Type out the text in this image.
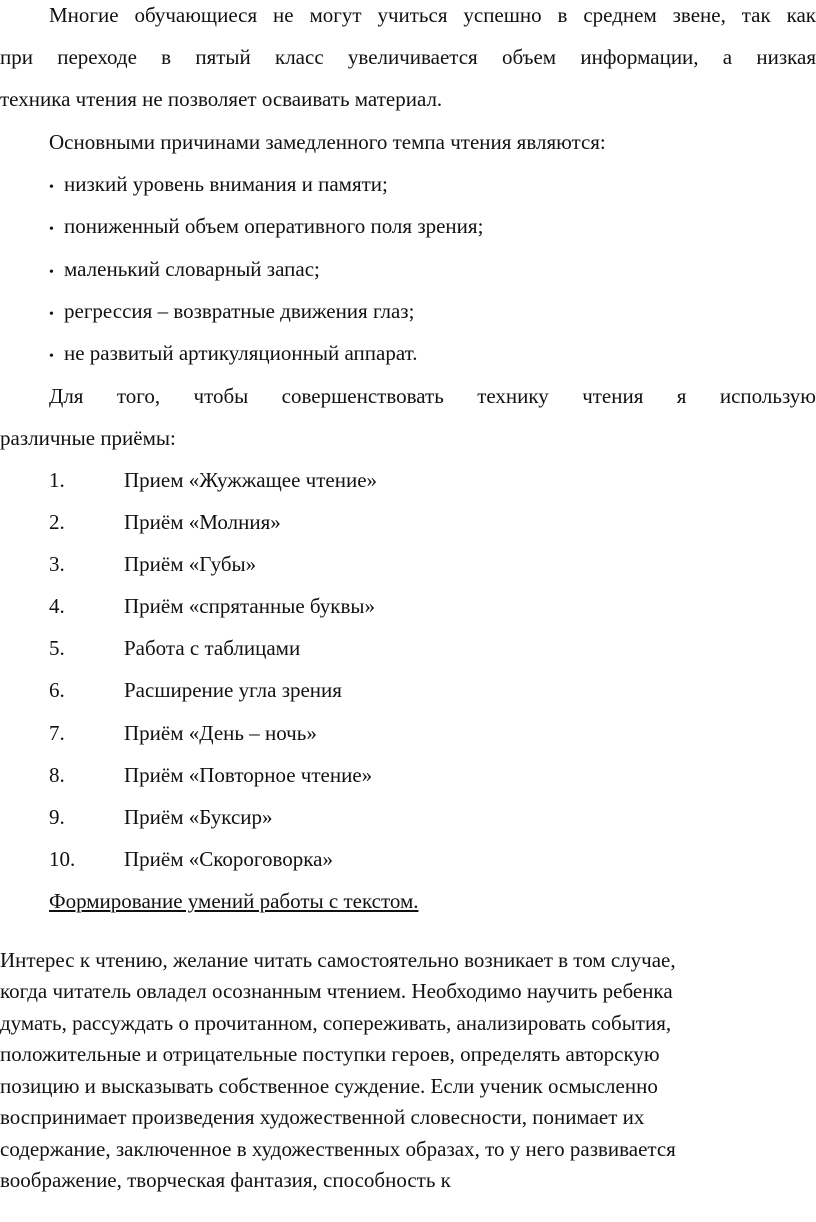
Многие обучающиеся не могут учиться успешно в среднем звене, так как
при переходе в пятый класс увеличивается объем информации, а низкая
техника чтения не позволяет осваивать материал.
Основными причинами замедленного темпа чтения являются:
• низкий уровень внимания и памяти;
• пониженный объем оперативного поля зрения;
• маленький словарный запас;
• регрессия – возвратные движения глаз;
• не развитый артикуляционный аппарат.
Для того, чтобы совершенствовать технику чтения я использую
различные приёмы:
1.	Прием «Жужжащее чтение»
2.	Приём «Молния»
3.	Приём «Губы»
4.	Приём «спрятанные буквы»
5.	Работа с таблицами
6.	Расширение угла зрения
7.	Приём «День – ночь»
8.	Приём «Повторное чтение»
9.	Приём «Буксир»
10. Приём «Скороговорка»
Формирование умений работы с текстом.
Интерес к чтению, желание читать самостоятельно возникает в том случае,
когда читатель овладел осознанным чтением. Необходимо научить ребенка
думать, рассуждать о прочитанном, сопереживать, анализировать события,
положительные и отрицательные поступки героев, определять авторскую
позицию и высказывать собственное суждение. Если ученик осмысленно
воспринимает произведения художественной словесности, понимает их
содержание, заключенное в художественных образах, то у него развивается
воображение, творческая фантазия, способность к
